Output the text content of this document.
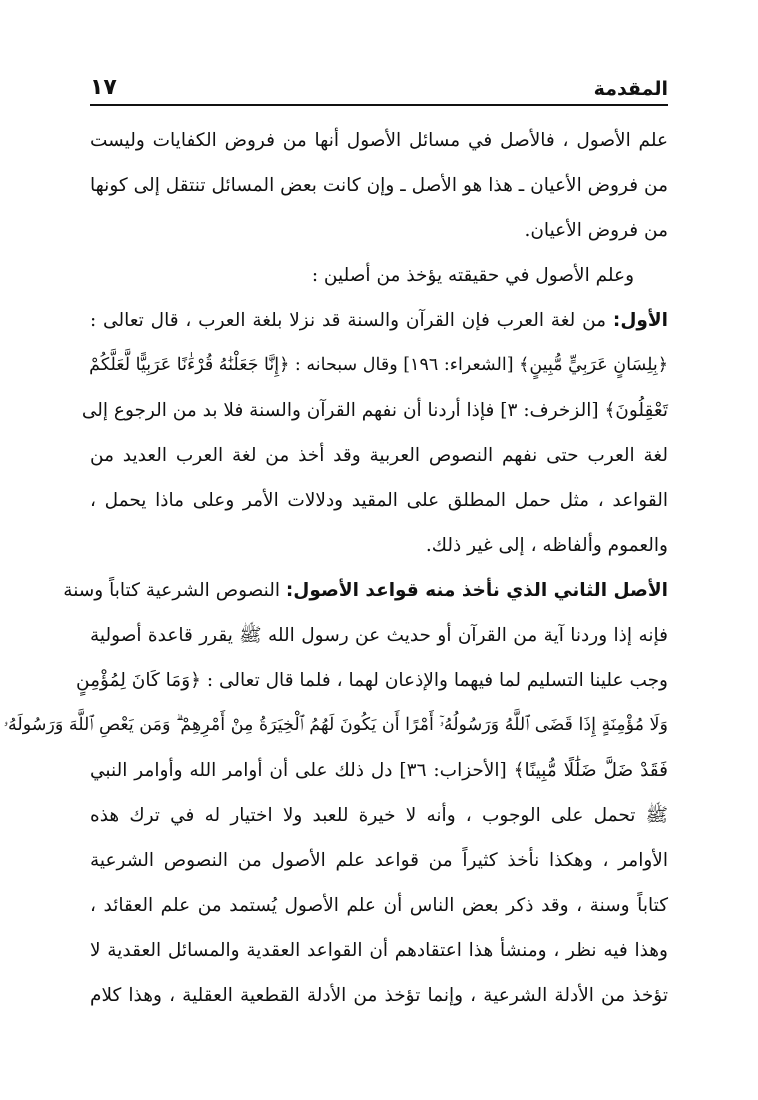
المقدمة
١٧
علم الأصول ، فالأصل في مسائل الأصول أنها من فروض الكفايات وليست
من فروض الأعيان ـ هذا هو الأصل ـ وإن كانت بعض المسائل تنتقل إلى كونها
من فروض الأعيان.
وعلم الأصول في حقيقته يؤخذ من أصلين :
الأول: من لغة العرب فإن القرآن والسنة قد نزلا بلغة العرب ، قال تعالى :
﴿بِلِسَانٍ عَرَبِيٍّ مُّبِينٍ﴾ [الشعراء: ١٩٦] وقال سبحانه : ﴿إِنَّا جَعَلْنَٰهُ قُرْءَٰنًا عَرَبِيًّا لَّعَلَّكُمْ
تَعْقِلُونَ﴾ [الزخرف: ٣] فإذا أردنا أن نفهم القرآن والسنة فلا بد من الرجوع إلى
لغة العرب حتى نفهم النصوص العربية وقد أخذ من لغة العرب العديد من
القواعد ، مثل حمل المطلق على المقيد ودلالات الأمر وعلى ماذا يحمل ،
والعموم وألفاظه ، إلى غير ذلك.
الأصل الثاني الذي نأخذ منه قواعد الأصول: النصوص الشرعية كتاباً وسنة
فإنه إذا وردنا آية من القرآن أو حديث عن رسول الله ﷺ يقرر قاعدة أصولية
وجب علينا التسليم لما فيهما والإذعان لهما ، فلما قال تعالى : ﴿وَمَا كَانَ لِمُؤْمِنٍ
وَلَا مُؤْمِنَةٍ إِذَا قَضَى ٱللَّهُ وَرَسُولُهُۥٓ أَمْرًا أَن يَكُونَ لَهُمُ ٱلْخِيَرَةُ مِنْ أَمْرِهِمْ ۗ وَمَن يَعْصِ ٱللَّهَ وَرَسُولَهُۥ
فَقَدْ ضَلَّ ضَلَٰلًا مُّبِينًا﴾ [الأحزاب: ٣٦] دل ذلك على أن أوامر الله وأوامر النبي
ﷺ تحمل على الوجوب ، وأنه لا خيرة للعبد ولا اختيار له في ترك هذه
الأوامر ، وهكذا نأخذ كثيراً من قواعد علم الأصول من النصوص الشرعية
كتاباً وسنة ، وقد ذكر بعض الناس أن علم الأصول يُستمد من علم العقائد ،
وهذا فيه نظر ، ومنشأ هذا اعتقادهم أن القواعد العقدية والمسائل العقدية لا
تؤخذ من الأدلة الشرعية ، وإنما تؤخذ من الأدلة القطعية العقلية ، وهذا كلام
